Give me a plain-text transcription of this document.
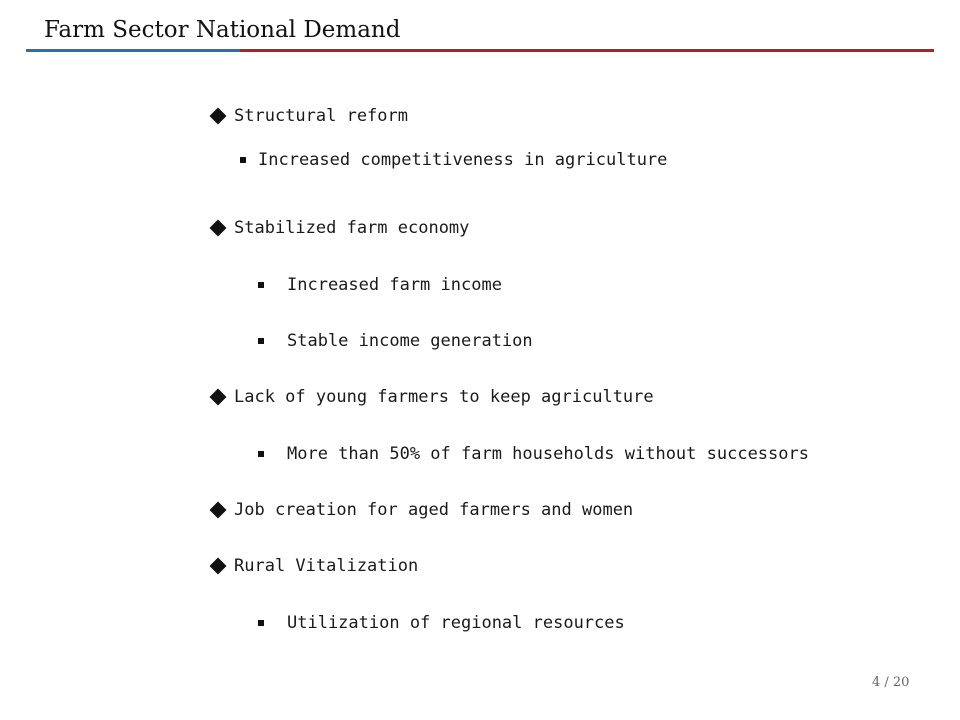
Farm Sector National Demand
Structural reform
Increased competitiveness in agriculture
Stabilized farm economy
Increased farm income
Stable income generation
Lack of young farmers to keep agriculture
More than 50% of farm households without successors
Job creation for aged farmers and women
Rural Vitalization
Utilization of regional resources
4 / 20
